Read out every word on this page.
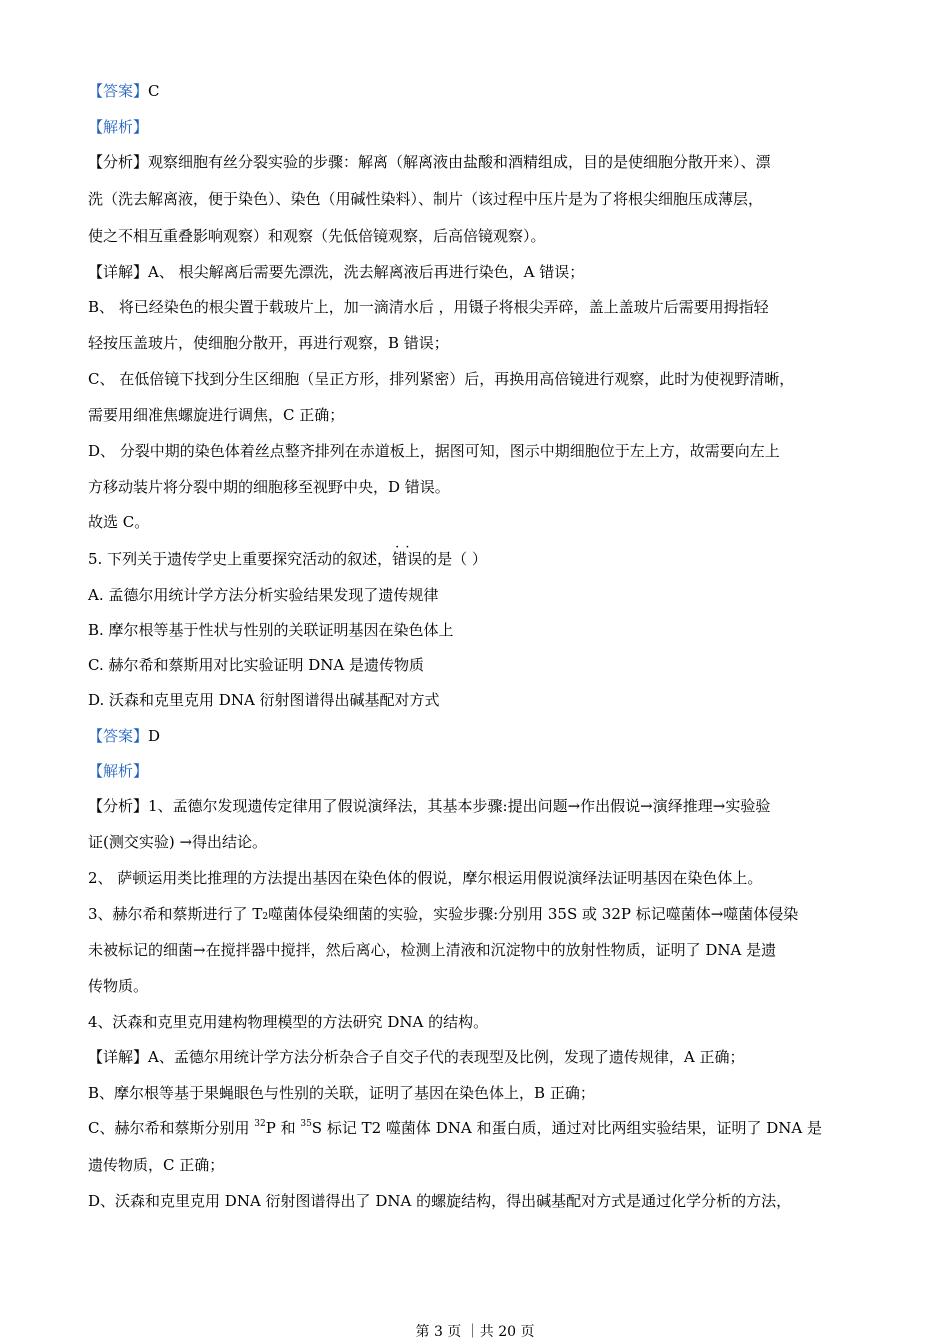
【答案】C
【解析】
【分析】观察细胞有丝分裂实验的步骤：解离（解离液由盐酸和酒精组成，目的是使细胞分散开来）、漂
洗（洗去解离液，便于染色）、染色（用碱性染料）、制片（该过程中压片是为了将根尖细胞压成薄层，
使之不相互重叠影响观察）和观察（先低倍镜观察，后高倍镜观察）。
【详解】A、 根尖解离后需要先漂洗，洗去解离液后再进行染色，A 错误；
B、 将已经染色的根尖置于载玻片上，加一滴清水后 ，用镊子将根尖弄碎，盖上盖玻片后需要用拇指轻
轻按压盖玻片，使细胞分散开，再进行观察，B 错误；
C、 在低倍镜下找到分生区细胞（呈正方形，排列紧密）后，再换用高倍镜进行观察，此时为使视野清晰，
需要用细准焦螺旋进行调焦，C 正确；
D、 分裂中期的染色体着丝点整齐排列在赤道板上，据图可知，图示中期细胞位于左上方，故需要向左上
方移动装片将分裂中期的细胞移至视野中央，D 错误。
故选 C。
5. 下列关于遗传学史上重要探究活动的叙述，· · 错误的是（ ）
A. 孟德尔用统计学方法分析实验结果发现了遗传规律
B. 摩尔根等基于性状与性别的关联证明基因在染色体上
C. 赫尔希和蔡斯用对比实验证明 DNA 是遗传物质
D. 沃森和克里克用 DNA 衍射图谱得出碱基配对方式
【答案】D
【解析】
【分析】1、孟德尔发现遗传定律用了假说演绎法，其基本步骤:提出问题→作出假说→演绎推理→实验验
证(测交实验) →得出结论。
2、 萨顿运用类比推理的方法提出基因在染色体的假说，摩尔根运用假说演绎法证明基因在染色体上。
3、赫尔希和蔡斯进行了 $T_2$噬菌体侵染细菌的实验，实验步骤:分别用 35S 或 32P 标记噬菌体→噬菌体侵染
未被标记的细菌→在搅拌器中搅拌，然后离心，检测上清液和沉淀物中的放射性物质，证明了 DNA 是遗
传物质。
4、沃森和克里克用建构物理模型的方法研究 DNA 的结构。
【详解】A、孟德尔用统计学方法分析杂合子自交子代的表现型及比例，发现了遗传规律，A 正确；
B、摩尔根等基于果蝇眼色与性别的关联，证明了基因在染色体上，B 正确；
C、赫尔希和蔡斯分别用 $^{32}$P 和 $^{35}$S 标记 T2 噬菌体 DNA 和蛋白质，通过对比两组实验结果，证明了 DNA 是
遗传物质，C 正确；
D、沃森和克里克用 DNA 衍射图谱得出了 DNA 的螺旋结构，得出碱基配对方式是通过化学分析的方法，
第 3 页 ｜共 20 页
